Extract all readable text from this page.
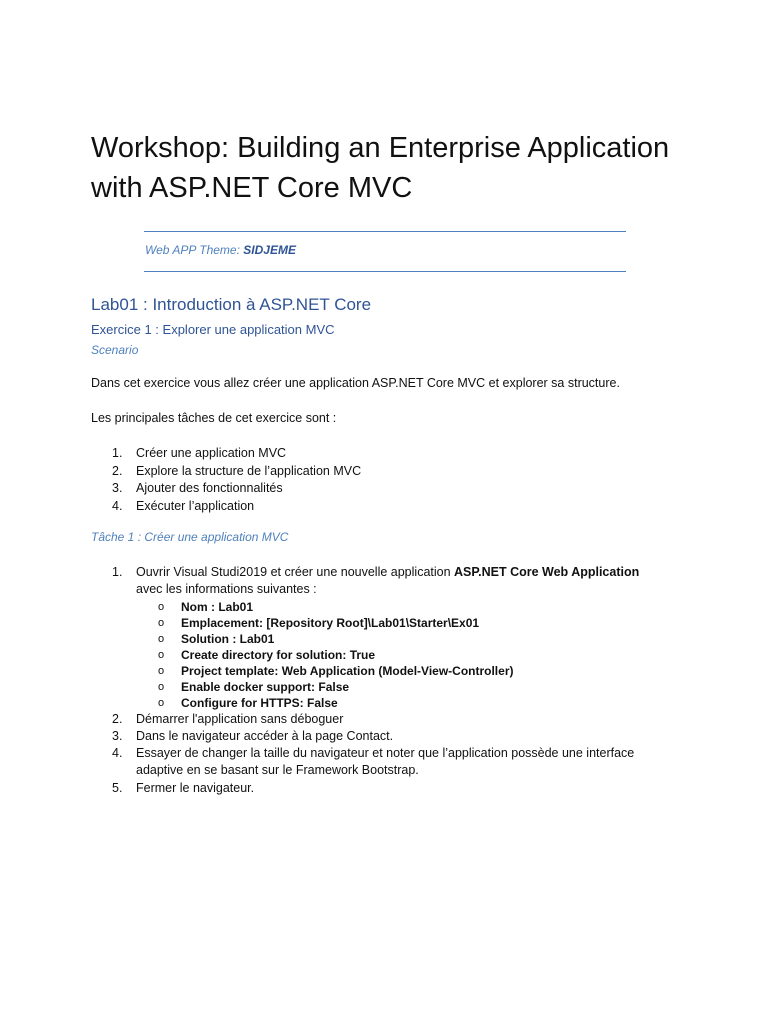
Workshop: Building an Enterprise Application with ASP.NET Core MVC
Web APP Theme: SIDJEME
Lab01 : Introduction à ASP.NET Core
Exercice 1 : Explorer une application MVC
Scenario
Dans cet exercice vous allez créer une application ASP.NET Core MVC et explorer sa structure.
Les principales tâches de cet exercice sont :
1. Créer une application MVC
2. Explore la structure de l’application MVC
3. Ajouter des fonctionnalités
4. Exécuter l’application
Tâche 1 : Créer une application MVC
1. Ouvrir Visual Studi2019 et créer une nouvelle application ASP.NET Core Web Application avec les informations suivantes :
o Nom : Lab01
o Emplacement: [Repository Root]\Lab01\Starter\Ex01
o Solution : Lab01
o Create directory for solution: True
o Project template: Web Application (Model-View-Controller)
o Enable docker support: False
o Configure for HTTPS: False
2. Démarrer l'application sans déboguer
3. Dans le navigateur accéder à la page Contact.
4. Essayer de changer la taille du navigateur et noter que l’application possède une interface adaptive en se basant sur le Framework Bootstrap.
5. Fermer le navigateur.
